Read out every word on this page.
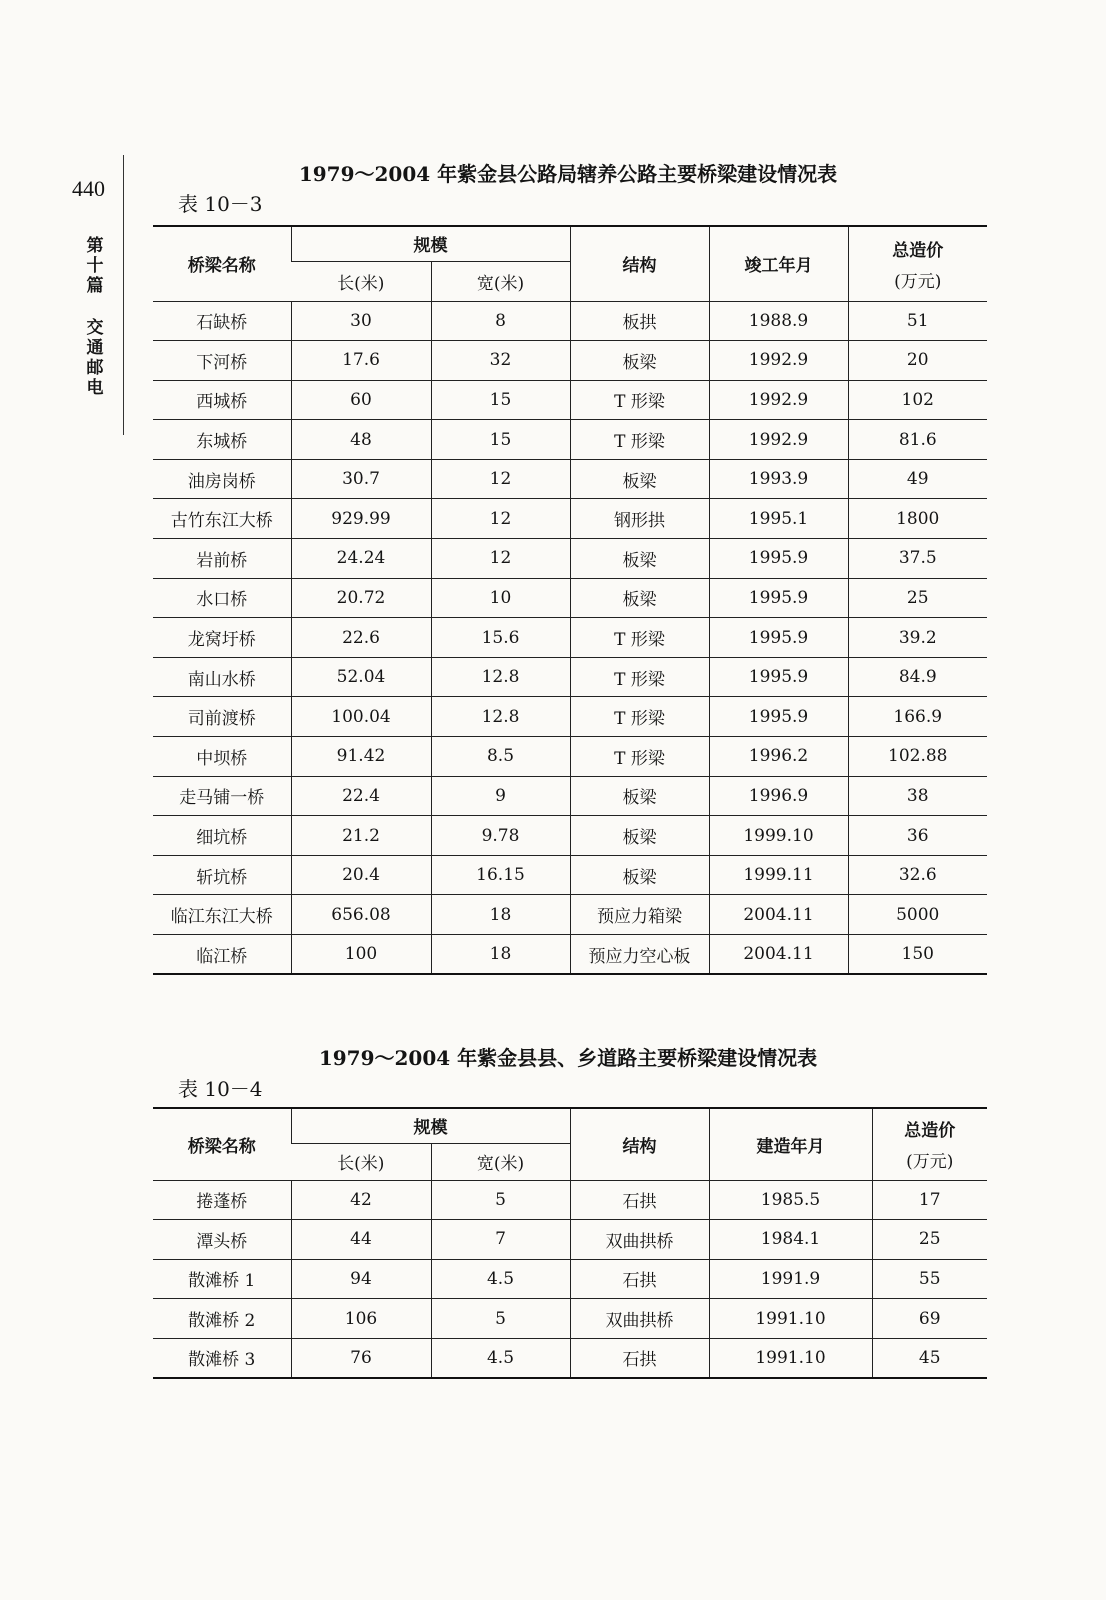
440
第十篇
交通邮电
1979～2004 年紫金县公路局辖养公路主要桥梁建设情况表
表 10－3
桥梁名称	规模		结构	竣工年月	总造价
(万元)

	长(米)	宽(米)			
石缺桥	30	8	板拱	1988.9	51
下河桥	17.6	32	板梁	1992.9	20
西城桥	60	15	T 形梁	1992.9	102
东城桥	48	15	T 形梁	1992.9	81.6
油房岗桥	30.7	12	板梁	1993.9	49
古竹东江大桥	929.99	12	钢形拱	1995.1	1800
岩前桥	24.24	12	板梁	1995.9	37.5
水口桥	20.72	10	板梁	1995.9	25
龙窝圩桥	22.6	15.6	T 形梁	1995.9	39.2
南山水桥	52.04	12.8	T 形梁	1995.9	84.9
司前渡桥	100.04	12.8	T 形梁	1995.9	166.9
中坝桥	91.42	8.5	T 形梁	1996.2	102.88
走马铺一桥	22.4	9	板梁	1996.9	38
细坑桥	21.2	9.78	板梁	1999.10	36
斩坑桥	20.4	16.15	板梁	1999.11	32.6
临江东江大桥	656.08	18	预应力箱梁	2004.11	5000
临江桥	100	18	预应力空心板	2004.11	150
1979～2004 年紫金县县、乡道路主要桥梁建设情况表
表 10－4
桥梁名称	规模		结构	建造年月	总造价
(万元)

	长(米)	宽(米)			
捲蓬桥	42	5	石拱	1985.5	17
潭头桥	44	7	双曲拱桥	1984.1	25
散滩桥 1	94	4.5	石拱	1991.9	55
散滩桥 2	106	5	双曲拱桥	1991.10	69
散滩桥 3	76	4.5	石拱	1991.10	45
